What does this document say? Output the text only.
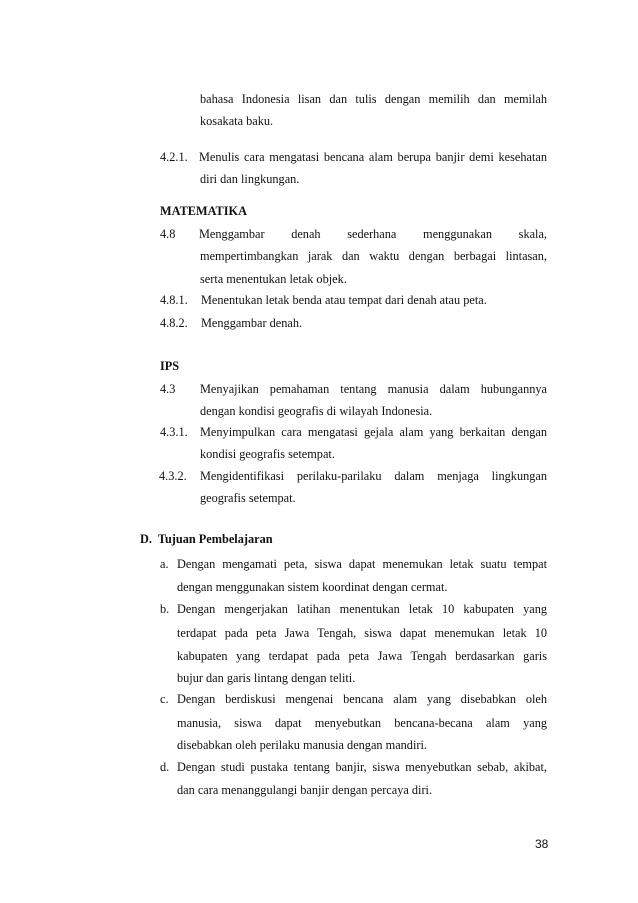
bahasa Indonesia lisan dan tulis dengan memilih dan memilah
kosakata baku.
4.2.1. Menulis cara mengatasi bencana alam berupa banjir demi kesehatan
diri dan lingkungan.
MATEMATIKA
4.8 Menggambar denah sederhana menggunakan skala,
mempertimbangkan jarak dan waktu dengan berbagai lintasan,
serta menentukan letak objek.
4.8.1. Menentukan letak benda atau tempat dari denah atau peta.
4.8.2. Menggambar denah.
IPS
4.3 Menyajikan pemahaman tentang manusia dalam hubungannya
dengan kondisi geografis di wilayah Indonesia.
4.3.1. Menyimpulkan cara mengatasi gejala alam yang berkaitan dengan
kondisi geografis setempat.
4.3.2. Mengidentifikasi perilaku-parilaku dalam menjaga lingkungan
geografis setempat.
D.  Tujuan Pembelajaran
a. Dengan mengamati peta, siswa dapat menemukan letak suatu tempat
dengan menggunakan sistem koordinat dengan cermat.
b. Dengan mengerjakan latihan menentukan letak 10 kabupaten yang
terdapat pada peta Jawa Tengah, siswa dapat menemukan letak 10
kabupaten yang terdapat pada peta Jawa Tengah berdasarkan garis
bujur dan garis lintang dengan teliti.
c. Dengan berdiskusi mengenai bencana alam yang disebabkan oleh
manusia, siswa dapat menyebutkan bencana-becana alam yang
disebabkan oleh perilaku manusia dengan mandiri.
d. Dengan studi pustaka tentang banjir, siswa menyebutkan sebab, akibat,
dan cara menanggulangi banjir dengan percaya diri.
38
